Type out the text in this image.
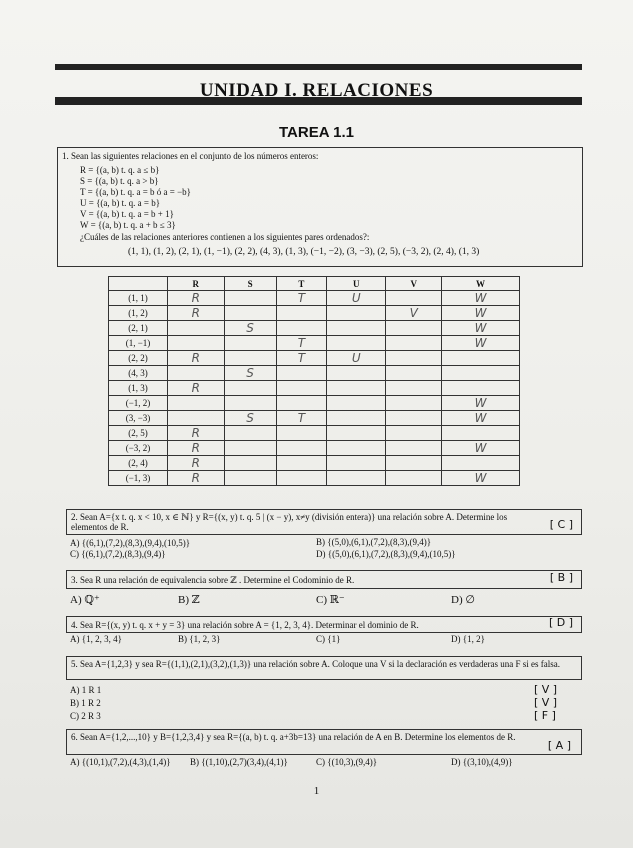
UNIDAD I. RELACIONES
TAREA 1.1
1. Sean las siguientes relaciones en el conjunto de los números enteros:
R = {(a, b) t. q. a ≤ b}
S = {(a, b) t. q. a > b}
T = {(a, b) t. q. a = b ó a = −b}
U = {(a, b) t. q. a = b}
V = {(a, b) t. q. a = b + 1}
W = {(a, b) t. q. a + b ≤ 3}
¿Cuáles de las relaciones anteriores contienen a los siguientes pares ordenados?:
(1, 1), (1, 2), (2, 1), (1, −1), (2, 2), (4, 3), (1, 3), (−1, −2), (3, −3), (2, 5), (−3, 2), (2, 4), (1, 3)
	R	S	T	U	V	W
(1, 1)	R		T	U		W
(1, 2)	R				V	W
(2, 1)		S				W
(1, −1)			T			W
(2, 2)	R		T	U		
(4, 3)		S				
(1, 3)	R					
(−1, 2)						W
(3, −3)		S	T			W
(2, 5)	R					
(−3, 2)	R					W
(2, 4)	R					
(−1, 3)	R					W
2. Sean A={x t. q. x < 10, x ∈ ℕ} y R={(x, y) t. q. 5 | (x − y), x≠y (división entera)} una relación sobre A. Determine los elementos de R.	[ C ]
A) {(6,1),(7,2),(8,3),(9,4),(10,5)}	B) {(5,0),(6,1),(7,2),(8,3),(9,4)}
C) {(6,1),(7,2),(8,3),(9,4)}	D) {(5,0),(6,1),(7,2),(8,3),(9,4),(10,5)}
3. Sea R una relación de equivalencia sobre ℤ . Determine el Codominio de R.	[ B ]
A) ℚ⁺	B) ℤ	C) ℝ⁻	D) ∅
4. Sea R={(x, y) t. q. x + y = 3} una relación sobre A = {1, 2, 3, 4}. Determinar el dominio de R.	[ D ]
A) {1, 2, 3, 4}	B) {1, 2, 3}	C) {1}	D) {1, 2}
5. Sea A={1,2,3} y sea R={(1,1),(2,1),(3,2),(1,3)} una relación sobre A. Coloque una V si la declaración es verdaderas una F si es falsa.
A) 1 R 1
B) 1 R 2
C) 2 R 3
[ V ]
[ V ]
[ F ]
6. Sean A={1,2,...,10} y B={1,2,3,4} y sea R={(a, b) t. q. a+3b=13} una relación de A en B. Determine los elementos de R.
[ A ]
A) {(10,1),(7,2),(4,3),(1,4)} B) {(1,10),(2,7)(3,4),(4,1)}	C) {(10,3),(9,4)}	D) {(3,10),(4,9)}
1
